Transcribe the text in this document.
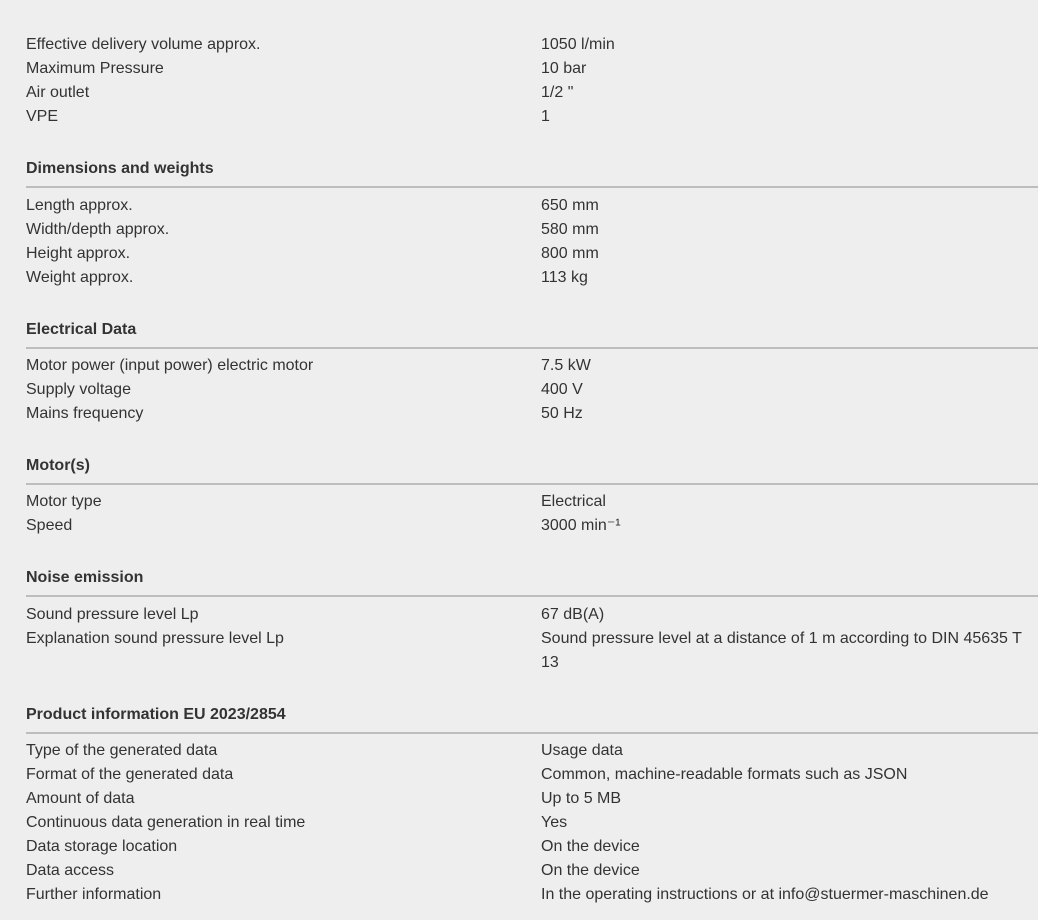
Effective delivery volume approx.	1050 l/min
Maximum Pressure	10 bar
Air outlet	1/2 "
VPE	1
Dimensions and weights
Length approx.	650 mm
Width/depth approx.	580 mm
Height approx.	800 mm
Weight approx.	113 kg
Electrical Data
Motor power (input power) electric motor	7.5 kW
Supply voltage	400 V
Mains frequency	50 Hz
Motor(s)
Motor type	Electrical
Speed	3000 min⁻¹
Noise emission
Sound pressure level Lp	67 dB(A)
Explanation sound pressure level Lp	Sound pressure level at a distance of 1 m according to DIN 45635 T 13
Product information EU 2023/2854
Type of the generated data	Usage data
Format of the generated data	Common, machine-readable formats such as JSON
Amount of data	Up to 5 MB
Continuous data generation in real time	Yes
Data storage location	On the device
Data access	On the device
Further information	In the operating instructions or at info@stuermer-maschinen.de
